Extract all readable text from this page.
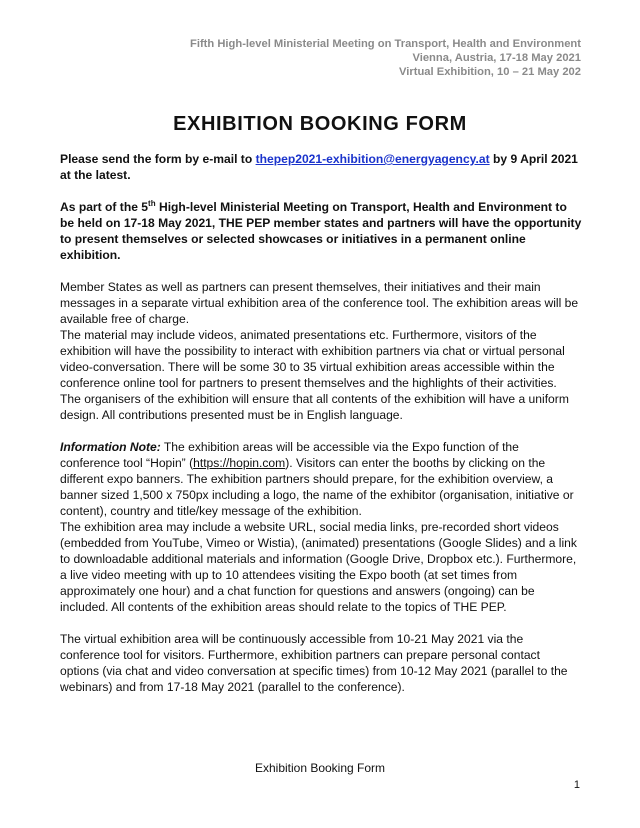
Fifth High-level Ministerial Meeting on Transport, Health and Environment
Vienna, Austria, 17-18 May 2021
Virtual Exhibition, 10 – 21 May 202
EXHIBITION BOOKING FORM

Please send the form by e-mail to thepep2021-exhibition@energyagency.at by 9 April 2021 at the latest.

As part of the 5th High-level Ministerial Meeting on Transport, Health and Environment to be held on 17-18 May 2021, THE PEP member states and partners will have the opportunity to present themselves or selected showcases or initiatives in a permanent online exhibition.

Member States as well as partners can present themselves, their initiatives and their main messages in a separate virtual exhibition area of the conference tool. The exhibition areas will be available free of charge.

The material may include videos, animated presentations etc. Furthermore, visitors of the exhibition will have the possibility to interact with exhibition partners via chat or virtual personal video-conversation. There will be some 30 to 35 virtual exhibition areas accessible within the conference online tool for partners to present themselves and the highlights of their activities.

The organisers of the exhibition will ensure that all contents of the exhibition will have a uniform design. All contributions presented must be in English language.

Information Note: The exhibition areas will be accessible via the Expo function of the conference tool “Hopin” (https://hopin.com). Visitors can enter the booths by clicking on the different expo banners. The exhibition partners should prepare, for the exhibition overview, a banner sized 1,500 x 750px including a logo, the name of the exhibitor (organisation, initiative or content), country and title/key message of the exhibition.

The exhibition area may include a website URL, social media links, pre-recorded short videos (embedded from YouTube, Vimeo or Wistia), (animated) presentations (Google Slides) and a link to downloadable additional materials and information (Google Drive, Dropbox etc.). Furthermore, a live video meeting with up to 10 attendees visiting the Expo booth (at set times from approximately one hour) and a chat function for questions and answers (ongoing) can be included. All contents of the exhibition areas should relate to the topics of THE PEP.

The virtual exhibition area will be continuously accessible from 10-21 May 2021 via the conference tool for visitors. Furthermore, exhibition partners can prepare personal contact options (via chat and video conversation at specific times) from 10-12 May 2021 (parallel to the webinars) and from 17-18 May 2021 (parallel to the conference).

Exhibition Booking Form
1
